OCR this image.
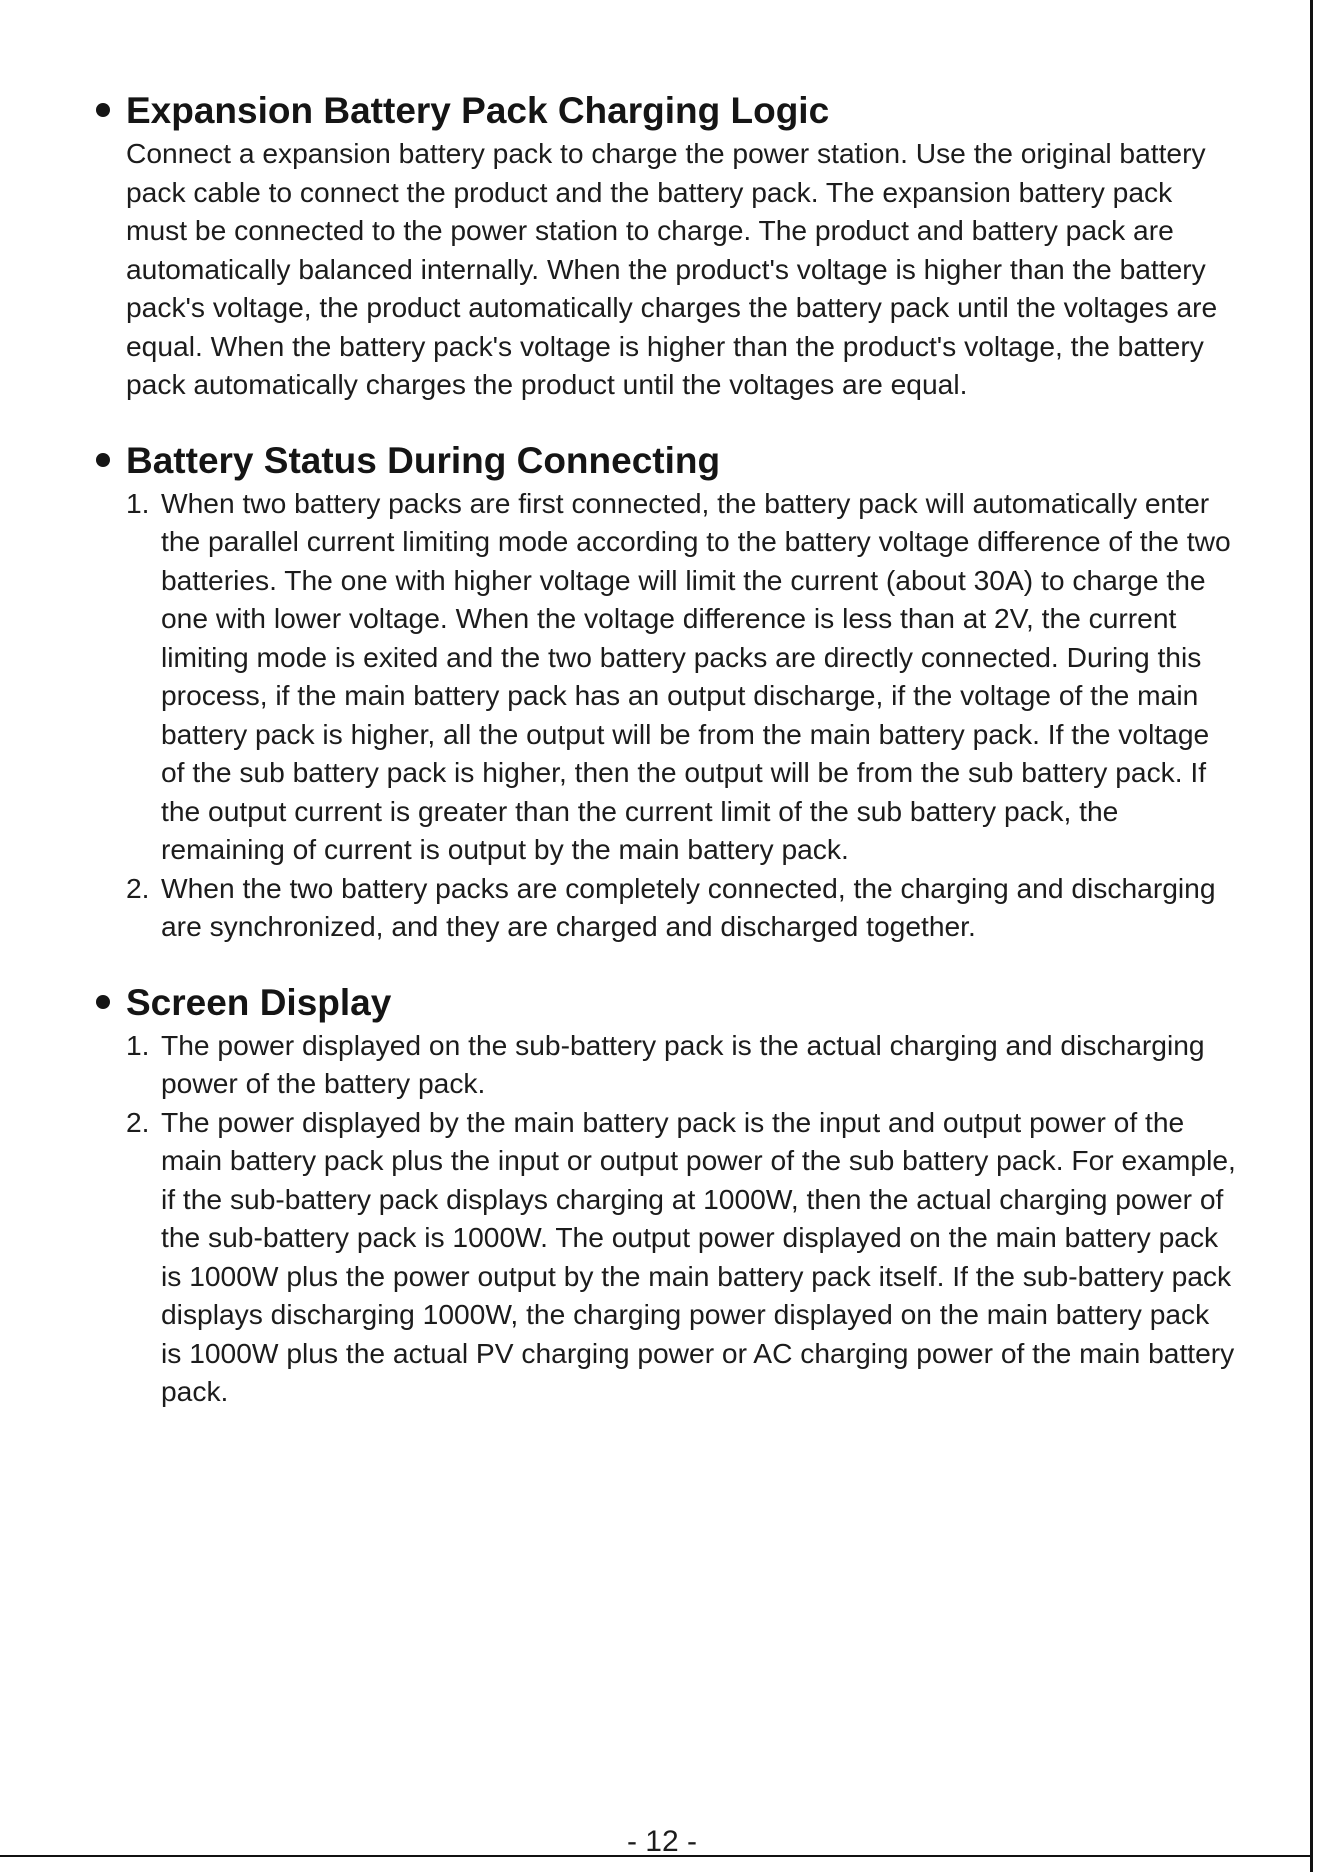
Expansion Battery Pack Charging Logic

Connect a expansion battery pack to charge the power station. Use the original battery pack cable to connect the product and the battery pack. The expansion battery pack must be connected to the power station to charge. The product and battery pack are automatically balanced internally. When the product's voltage is higher than the battery pack's voltage, the product automatically charges the battery pack until the voltages are equal. When the battery pack's voltage is higher than the product's voltage, the battery pack automatically charges the product until the voltages are equal.

Battery Status During Connecting
1. When two battery packs are first connected, the battery pack will automatically enter the parallel current limiting mode according to the battery voltage difference of the two batteries. The one with higher voltage will limit the current (about 30A) to charge the one with lower voltage. When the voltage difference is less than at 2V, the current limiting mode is exited and the two battery packs are directly connected. During this process, if the main battery pack has an output discharge, if the voltage of the main battery pack is higher, all the output will be from the main battery pack. If the voltage of the sub battery pack is higher, then the output will be from the sub battery pack. If the output current is greater than the current limit of the sub battery pack, the remaining of current is output by the main battery pack.
2. When the two battery packs are completely connected, the charging and discharging are synchronized, and they are charged and discharged together.
Screen Display
1. The power displayed on the sub-battery pack is the actual charging and discharging power of the battery pack.
2. The power displayed by the main battery pack is the input and output power of the main battery pack plus the input or output power of the sub battery pack. For example, if the sub-battery pack displays charging at 1000W, then the actual charging power of the sub-battery pack is 1000W. The output power displayed on the main battery pack is 1000W plus the power output by the main battery pack itself. If the sub-battery pack displays discharging 1000W, the charging power displayed on the main battery pack is 1000W plus the actual PV charging power or AC charging power of the main battery pack.
- 12 -
